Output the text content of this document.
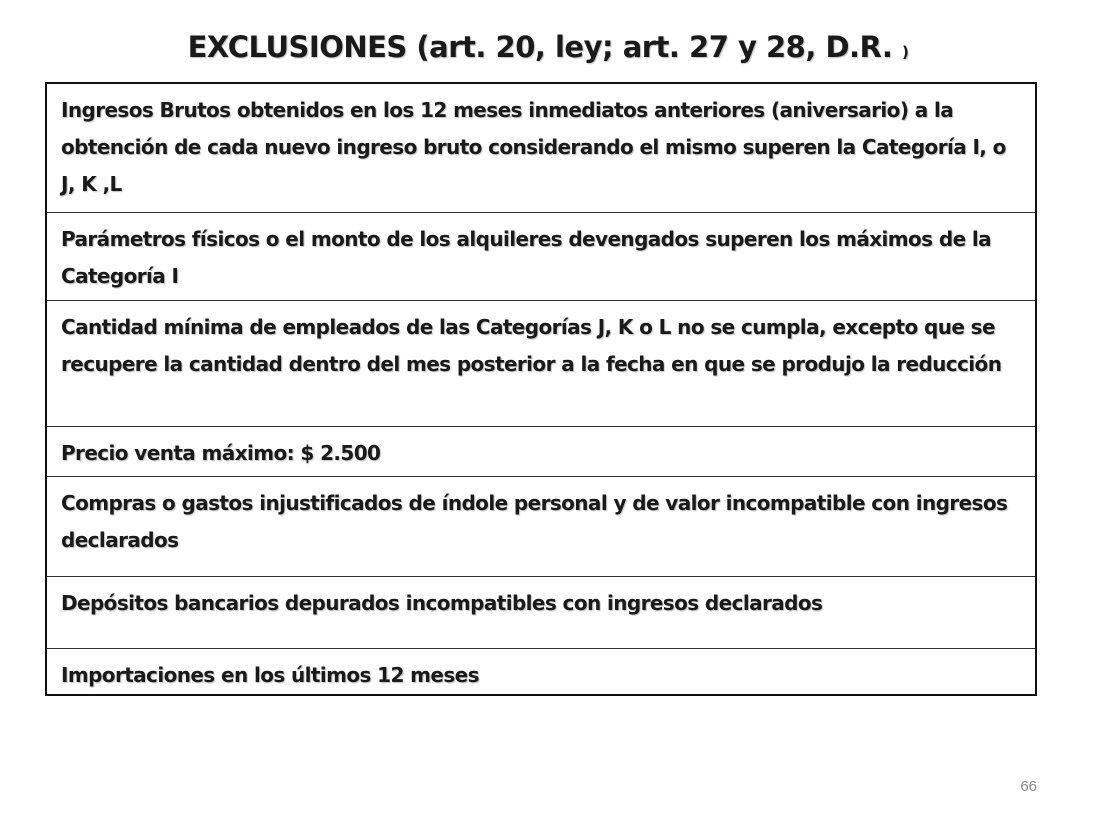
EXCLUSIONES (art. 20, ley; art. 27 y 28, D.R. )
Ingresos Brutos obtenidos en los 12 meses inmediatos anteriores (aniversario) a la obtención de cada nuevo ingreso bruto considerando el mismo superen la Categoría I, o J, K ,L
Parámetros físicos o el monto de los alquileres devengados superen los máximos de la Categoría I
Cantidad mínima de empleados de las Categorías J, K o L no se cumpla, excepto que se recupere la cantidad dentro del mes posterior a la fecha en que se produjo la reducción
Precio venta máximo: $ 2.500
Compras o gastos injustificados de índole personal y de valor incompatible con ingresos declarados
Depósitos bancarios depurados incompatibles con ingresos declarados
Importaciones en los últimos 12 meses
66
